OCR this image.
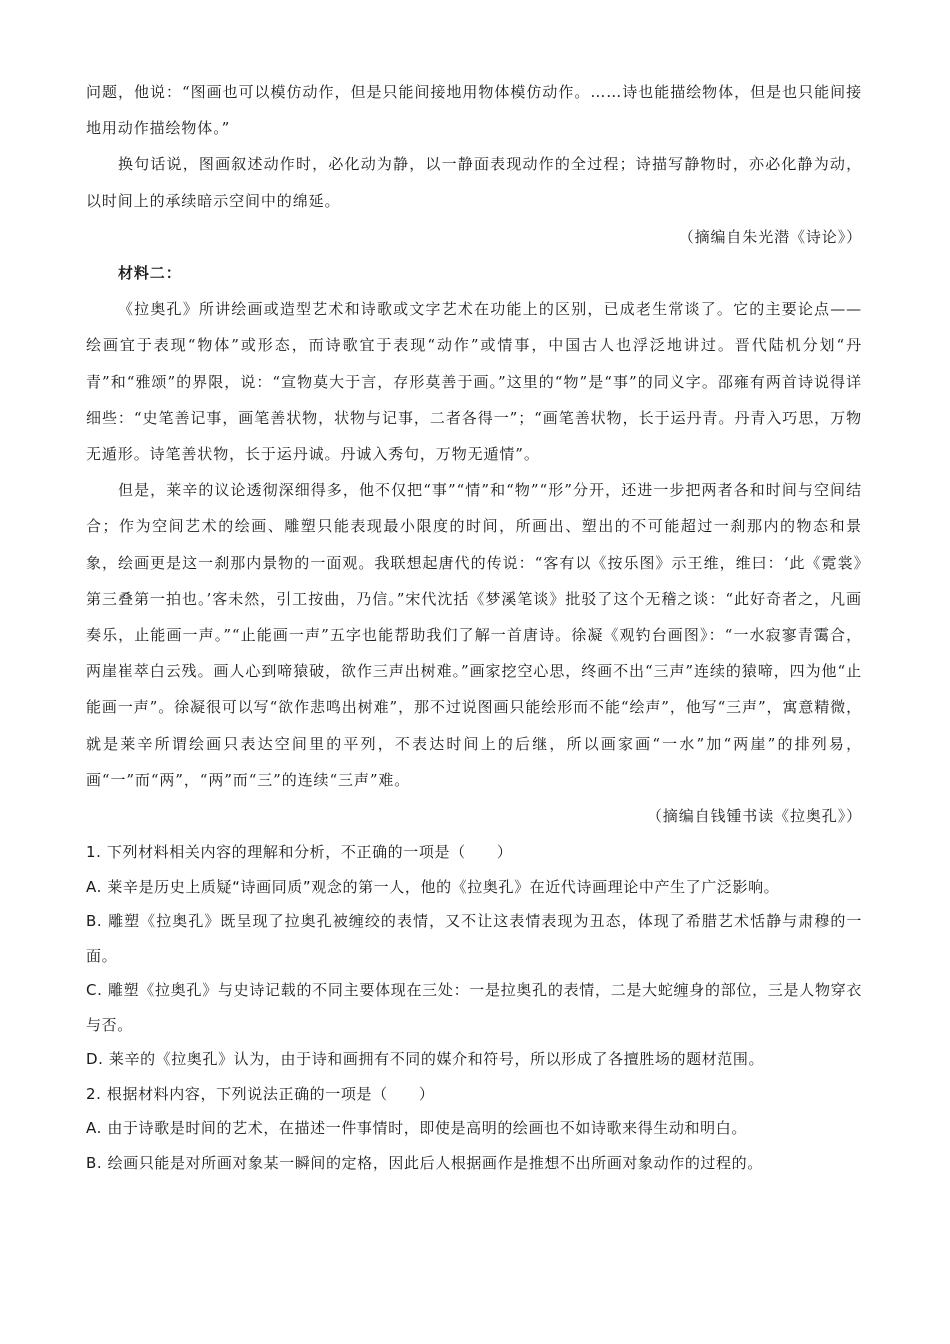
问题，他说：“图画也可以模仿动作，但是只能间接地用物体模仿动作。……诗也能描绘物体，但是也只能间接地用动作描绘物体。”

换句话说，图画叙述动作时，必化动为静，以一静面表现动作的全过程；诗描写静物时，亦必化静为动，以时间上的承续暗示空间中的绵延。

（摘编自朱光潜《诗论》）

材料二：

《拉奥孔》所讲绘画或造型艺术和诗歌或文字艺术在功能上的区别，已成老生常谈了。它的主要论点——绘画宜于表现“物体”或形态，而诗歌宜于表现“动作”或情事，中国古人也浮泛地讲过。晋代陆机分划“丹青”和“雅颂”的界限，说：“宣物莫大于言，存形莫善于画。”这里的“物”是“事”的同义字。邵雍有两首诗说得详细些：“史笔善记事，画笔善状物，状物与记事，二者各得一”；“画笔善状物，长于运丹青。丹青入巧思，万物无遁形。诗笔善状物，长于运丹诚。丹诚入秀句，万物无遁情”。

但是，莱辛的议论透彻深细得多，他不仅把“事”“情”和“物”“形”分开，还进一步把两者各和时间与空间结合；作为空间艺术的绘画、雕塑只能表现最小限度的时间，所画出、塑出的不可能超过一刹那内的物态和景象，绘画更是这一刹那内景物的一面观。我联想起唐代的传说：“客有以《按乐图》示王维，维曰：‘此《霓裳》第三叠第一拍也。’客未然，引工按曲，乃信。”宋代沈括《梦溪笔谈》批驳了这个无稽之谈：“此好奇者之，凡画奏乐，止能画一声。”“止能画一声”五字也能帮助我们了解一首唐诗。徐凝《观钓台画图》：“一水寂寥青霭合，两崖崔萃白云残。画人心到啼猿破，欲作三声出树难。”画家挖空心思，终画不出“三声”连续的猿啼，四为他“止能画一声”。徐凝很可以写“欲作悲鸣出树难”，那不过说图画只能绘形而不能“绘声”，他写“三声”，寓意精微，就是莱辛所谓绘画只表达空间里的平列，不表达时间上的后继，所以画家画“一水”加“两崖”的排列易，画“一”而“两”，“两”而“三”的连续“三声”难。

（摘编自钱锺书读《拉奥孔》）

1. 下列材料相关内容的理解和分析，不正确的一项是（　　）

A. 莱辛是历史上质疑“诗画同质”观念的第一人，他的《拉奥孔》在近代诗画理论中产生了广泛影响。

B. 雕塑《拉奥孔》既呈现了拉奥孔被缠绞的表情，又不让这表情表现为丑态，体现了希腊艺术恬静与肃穆的一面。

C. 雕塑《拉奥孔》与史诗记载的不同主要体现在三处：一是拉奥孔的表情，二是大蛇缠身的部位，三是人物穿衣与否。

D. 莱辛的《拉奥孔》认为，由于诗和画拥有不同的媒介和符号，所以形成了各擅胜场的题材范围。

2. 根据材料内容，下列说法正确的一项是（　　）

A. 由于诗歌是时间的艺术，在描述一件事情时，即使是高明的绘画也不如诗歌来得生动和明白。

B. 绘画只能是对所画对象某一瞬间的定格，因此后人根据画作是推想不出所画对象动作的过程的。
